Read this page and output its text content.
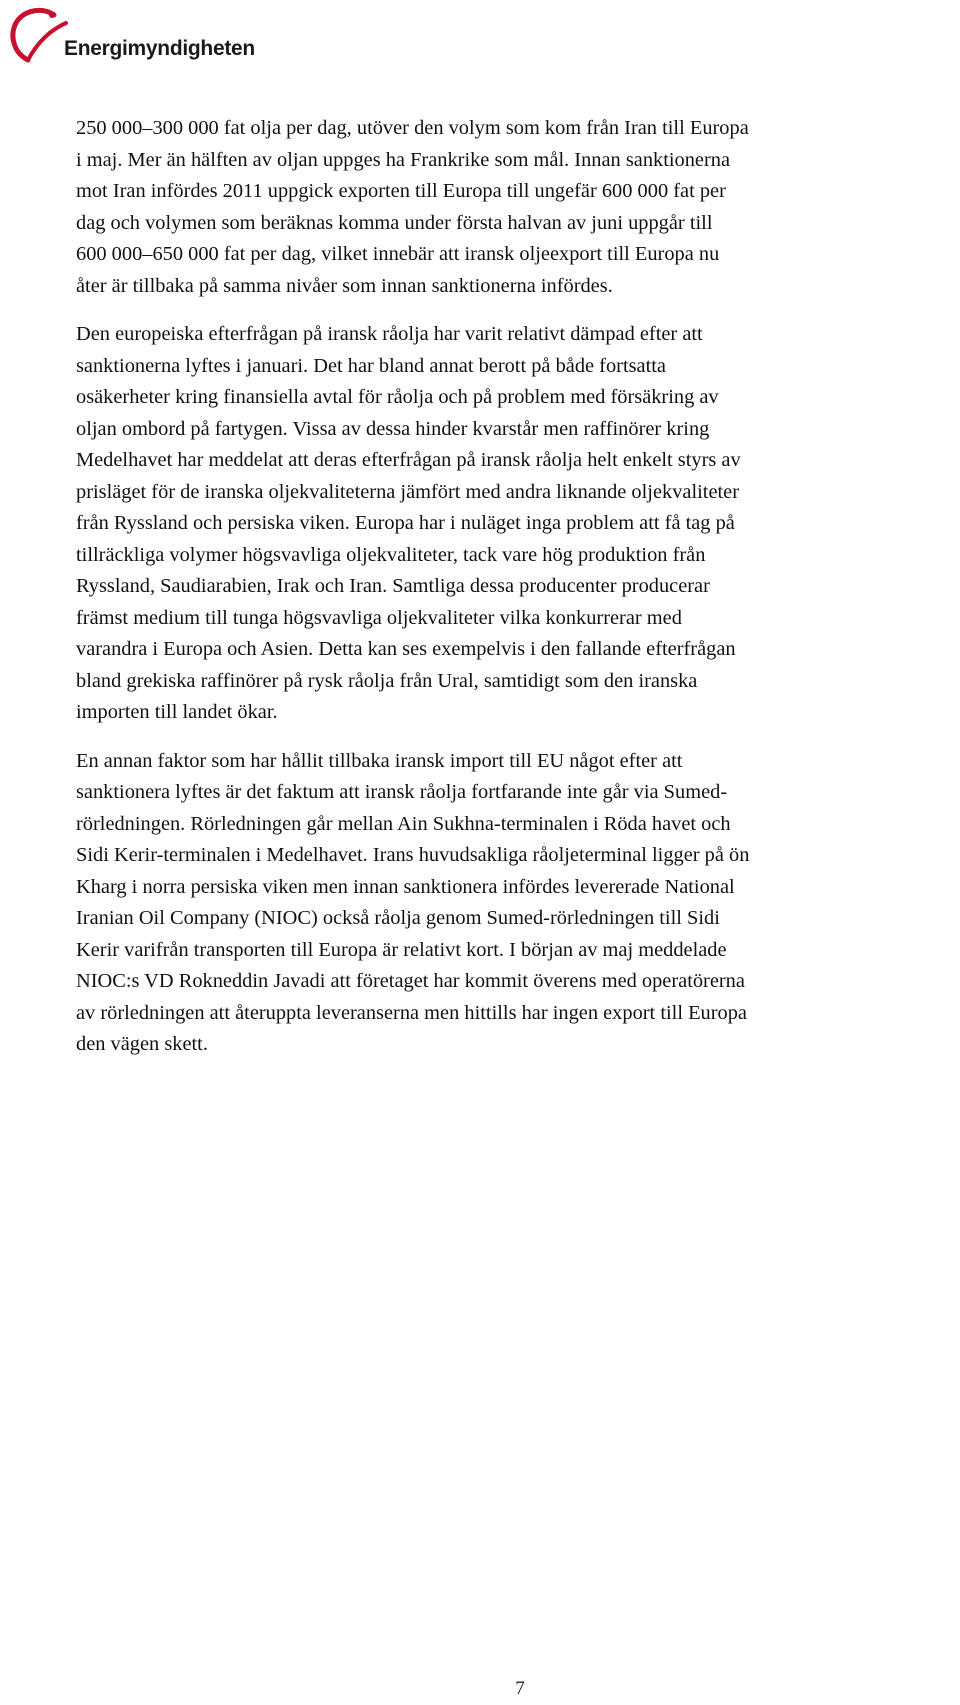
Energimyndigheten
250 000–300 000 fat olja per dag, utöver den volym som kom från Iran till Europa
i maj. Mer än hälften av oljan uppges ha Frankrike som mål. Innan sanktionerna
mot Iran infördes 2011 uppgick exporten till Europa till ungefär 600 000 fat per
dag och volymen som beräknas komma under första halvan av juni uppgår till
600 000–650 000 fat per dag, vilket innebär att iransk oljeexport till Europa nu
åter är tillbaka på samma nivåer som innan sanktionerna infördes.
Den europeiska efterfrågan på iransk råolja har varit relativt dämpad efter att
sanktionerna lyftes i januari. Det har bland annat berott på både fortsatta
osäkerheter kring finansiella avtal för råolja och på problem med försäkring av
oljan ombord på fartygen. Vissa av dessa hinder kvarstår men raffinörer kring
Medelhavet har meddelat att deras efterfrågan på iransk råolja helt enkelt styrs av
prisläget för de iranska oljekvaliteterna jämfört med andra liknande oljekvaliteter
från Ryssland och persiska viken. Europa har i nuläget inga problem att få tag på
tillräckliga volymer högsvavliga oljekvaliteter, tack vare hög produktion från
Ryssland, Saudiarabien, Irak och Iran. Samtliga dessa producenter producerar
främst medium till tunga högsvavliga oljekvaliteter vilka konkurrerar med
varandra i Europa och Asien. Detta kan ses exempelvis i den fallande efterfrågan
bland grekiska raffinörer på rysk råolja från Ural, samtidigt som den iranska
importen till landet ökar.
En annan faktor som har hållit tillbaka iransk import till EU något efter att
sanktionera lyftes är det faktum att iransk råolja fortfarande inte går via Sumed-
rörledningen. Rörledningen går mellan Ain Sukhna-terminalen i Röda havet och
Sidi Kerir-terminalen i Medelhavet. Irans huvudsakliga råoljeterminal ligger på ön
Kharg i norra persiska viken men innan sanktionera infördes levererade National
Iranian Oil Company (NIOC) också råolja genom Sumed-rörledningen till Sidi
Kerir varifrån transporten till Europa är relativt kort. I början av maj meddelade
NIOC:s VD Rokneddin Javadi att företaget har kommit överens med operatörerna
av rörledningen att återuppta leveranserna men hittills har ingen export till Europa
den vägen skett.
7
